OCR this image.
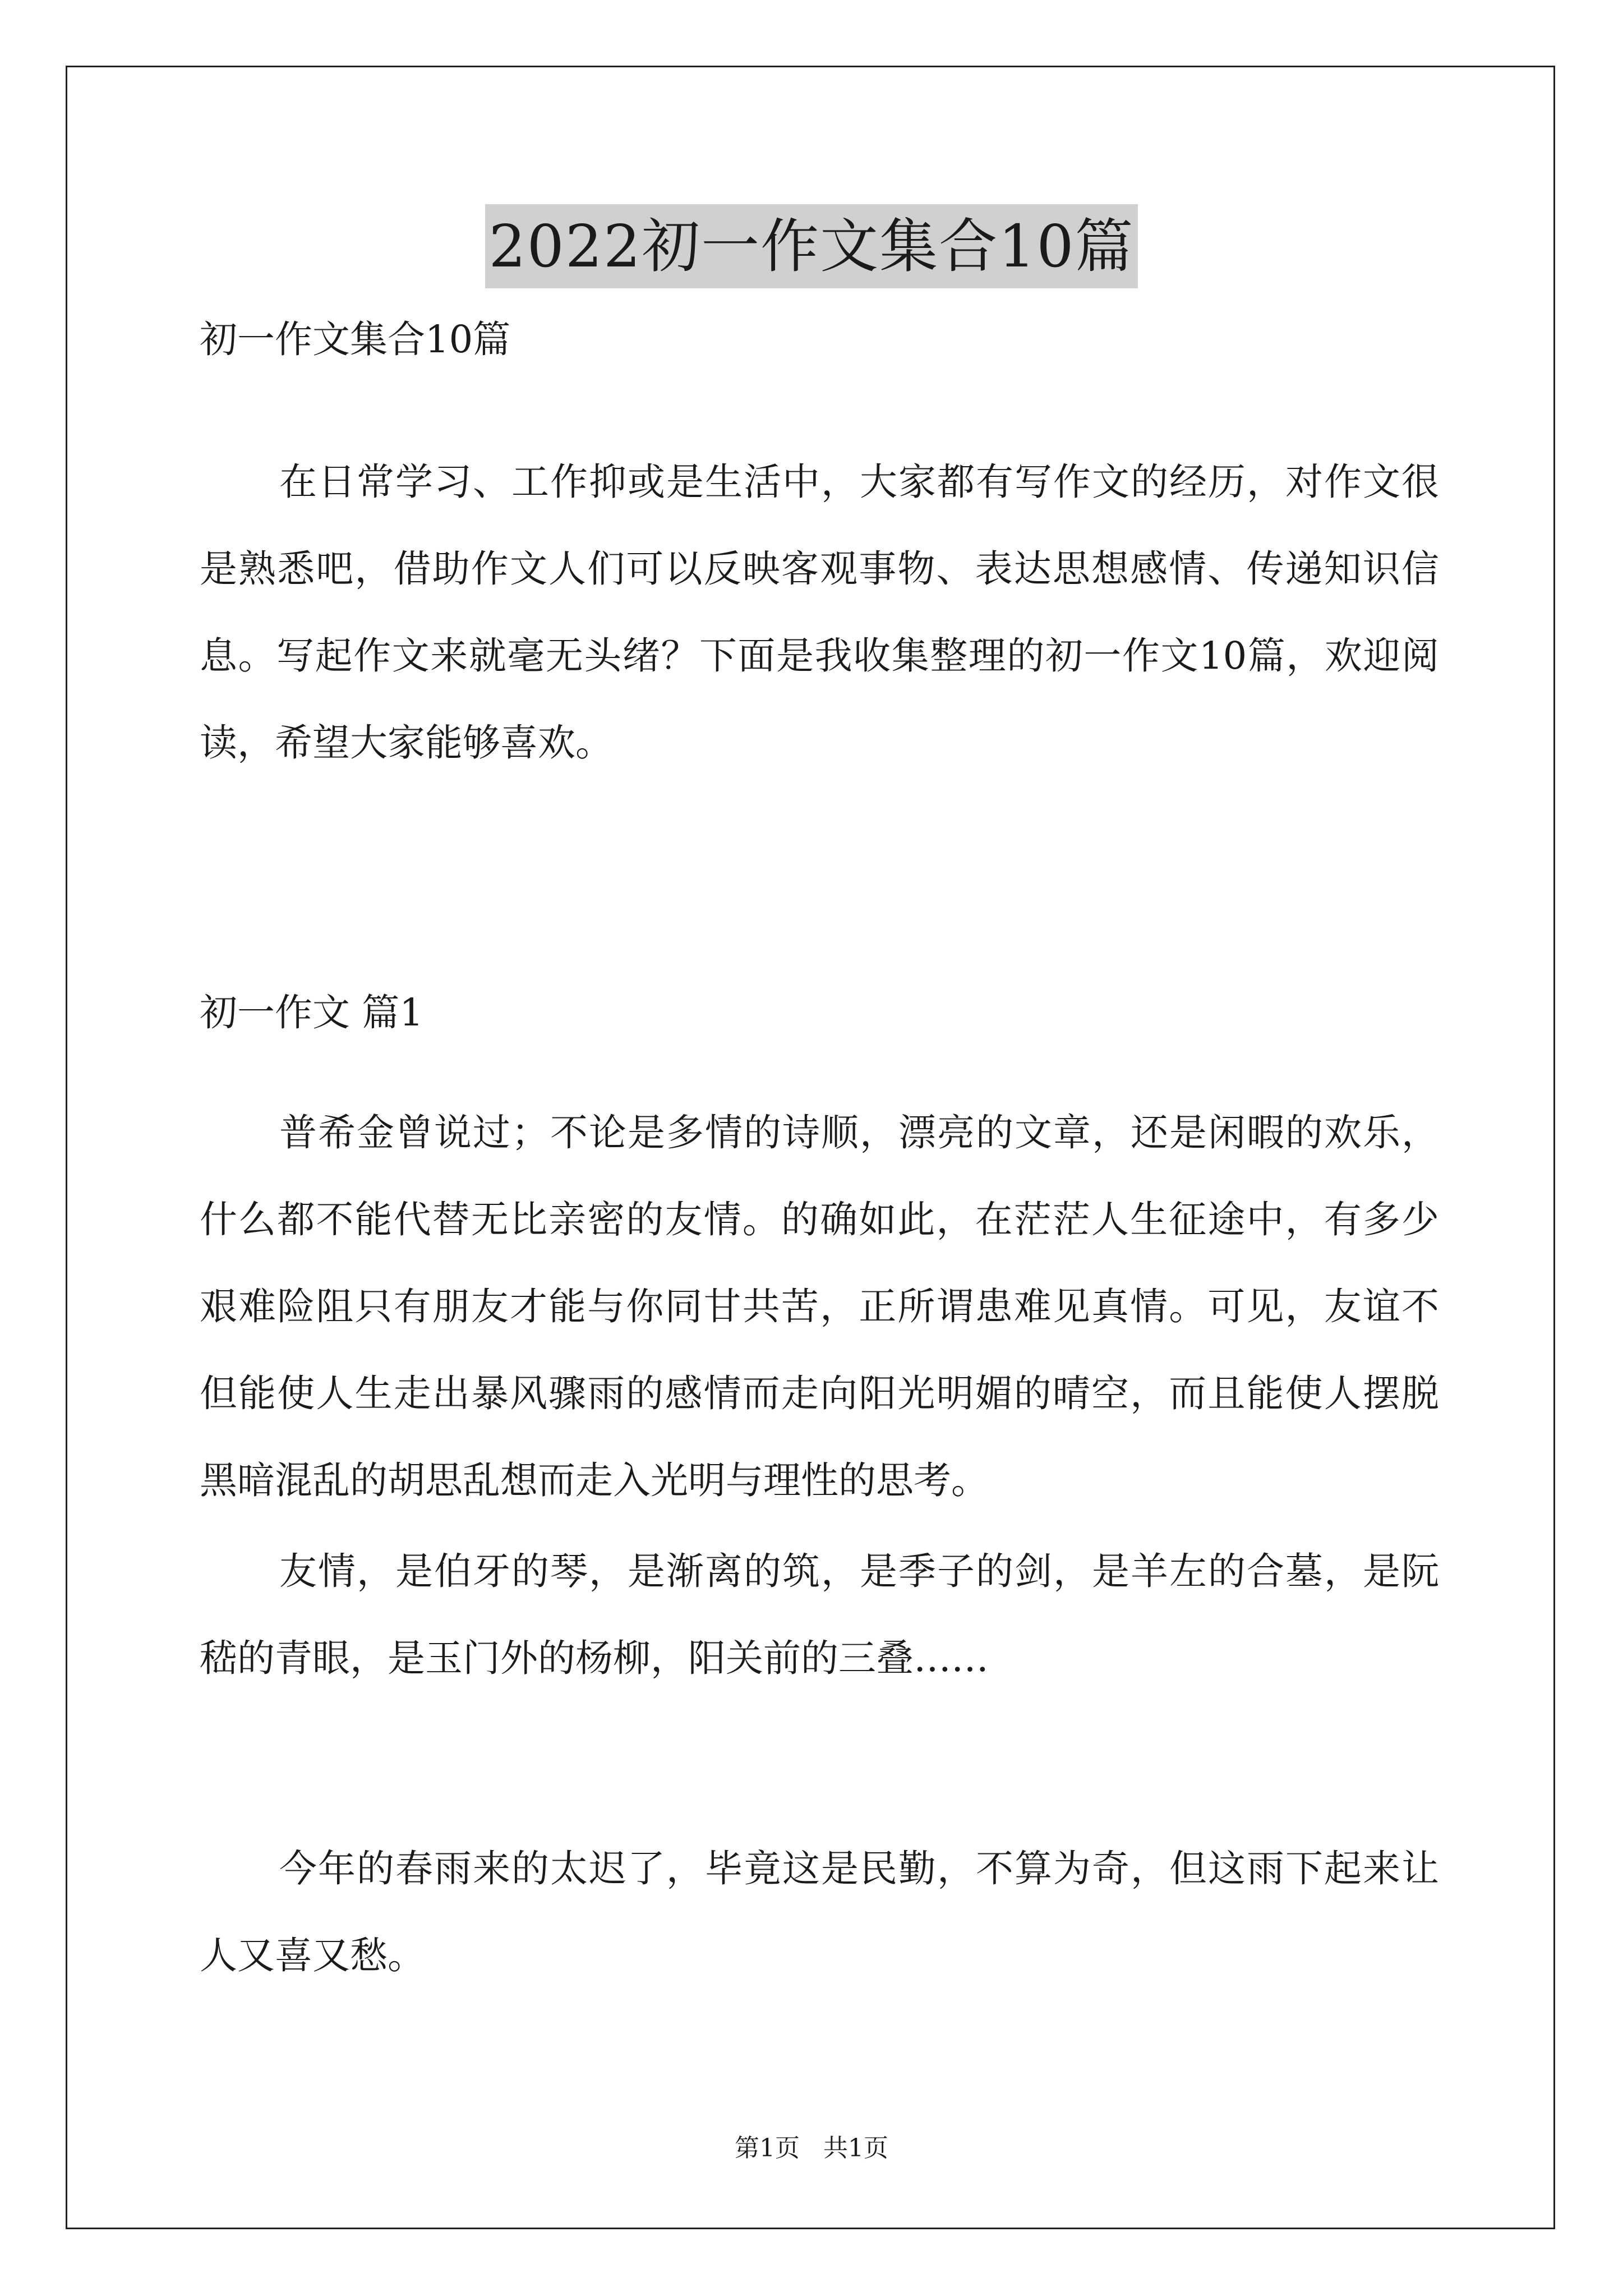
2022初一作文集合10篇
初一作文集合10篇

在日常学习、工作抑或是生活中，大家都有写作文的经历，对作文很是熟悉吧，借助作文人们可以反映客观事物、表达思想感情、传递知识信息。写起作文来就毫无头绪？下面是我收集整理的初一作文10篇，欢迎阅读，希望大家能够喜欢。

初一作文 篇1

普希金曾说过；不论是多情的诗顺，漂亮的文章，还是闲暇的欢乐，什么都不能代替无比亲密的友情。的确如此，在茫茫人生征途中，有多少艰难险阻只有朋友才能与你同甘共苦，正所谓患难见真情。可见，友谊不但能使人生走出暴风骤雨的感情而走向阳光明媚的晴空，而且能使人摆脱黑暗混乱的胡思乱想而走入光明与理性的思考。

友情，是伯牙的琴，是渐离的筑，是季子的剑，是羊左的合墓，是阮嵇的青眼，是玉门外的杨柳，阳关前的三叠……

今年的春雨来的太迟了，毕竟这是民勤，不算为奇，但这雨下起来让人又喜又愁。

第1页   共1页
